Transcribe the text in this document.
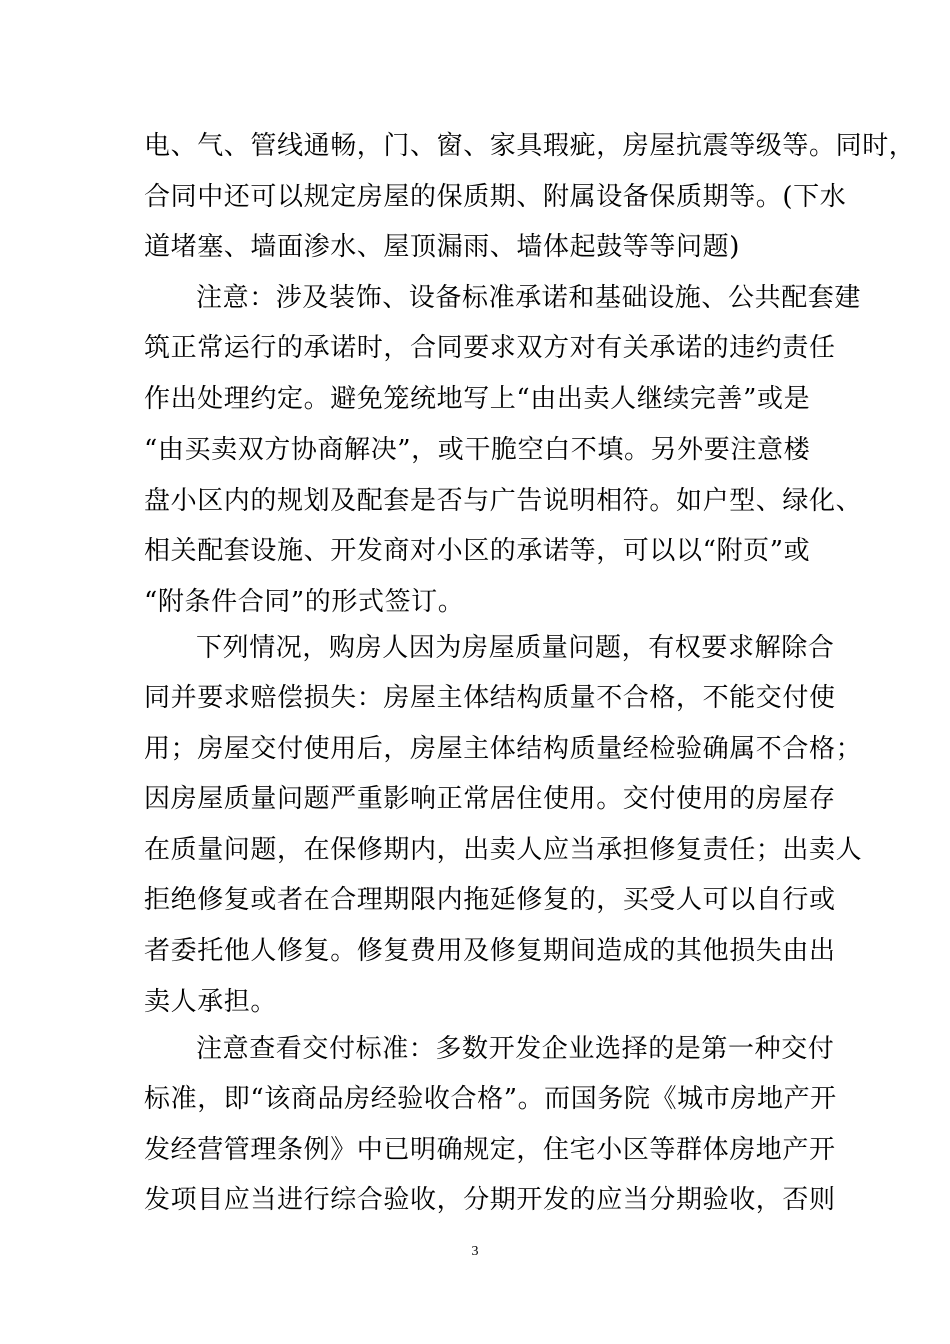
电、气、管线通畅，门、窗、家具瑕疵，房屋抗震等级等。同时，
合同中还可以规定房屋的保质期、附属设备保质期等。(下水
道堵塞、墙面渗水、屋顶漏雨、墙体起鼓等等问题)
注意：涉及装饰、设备标准承诺和基础设施、公共配套建
筑正常运行的承诺时，合同要求双方对有关承诺的违约责任
作出处理约定。避免笼统地写上“由出卖人继续完善”或是
“由买卖双方协商解决”，或干脆空白不填。另外要注意楼
盘小区内的规划及配套是否与广告说明相符。如户型、绿化、
相关配套设施、开发商对小区的承诺等，可以以“附页”或
“附条件合同”的形式签订。
下列情况，购房人因为房屋质量问题，有权要求解除合
同并要求赔偿损失：房屋主体结构质量不合格，不能交付使
用；房屋交付使用后，房屋主体结构质量经检验确属不合格；
因房屋质量问题严重影响正常居住使用。交付使用的房屋存
在质量问题，在保修期内，出卖人应当承担修复责任；出卖人
拒绝修复或者在合理期限内拖延修复的，买受人可以自行或
者委托他人修复。修复费用及修复期间造成的其他损失由出
卖人承担。
注意查看交付标准：多数开发企业选择的是第一种交付
标准，即“该商品房经验收合格”。而国务院《城市房地产开
发经营管理条例》中已明确规定，住宅小区等群体房地产开
发项目应当进行综合验收，分期开发的应当分期验收，否则
3
